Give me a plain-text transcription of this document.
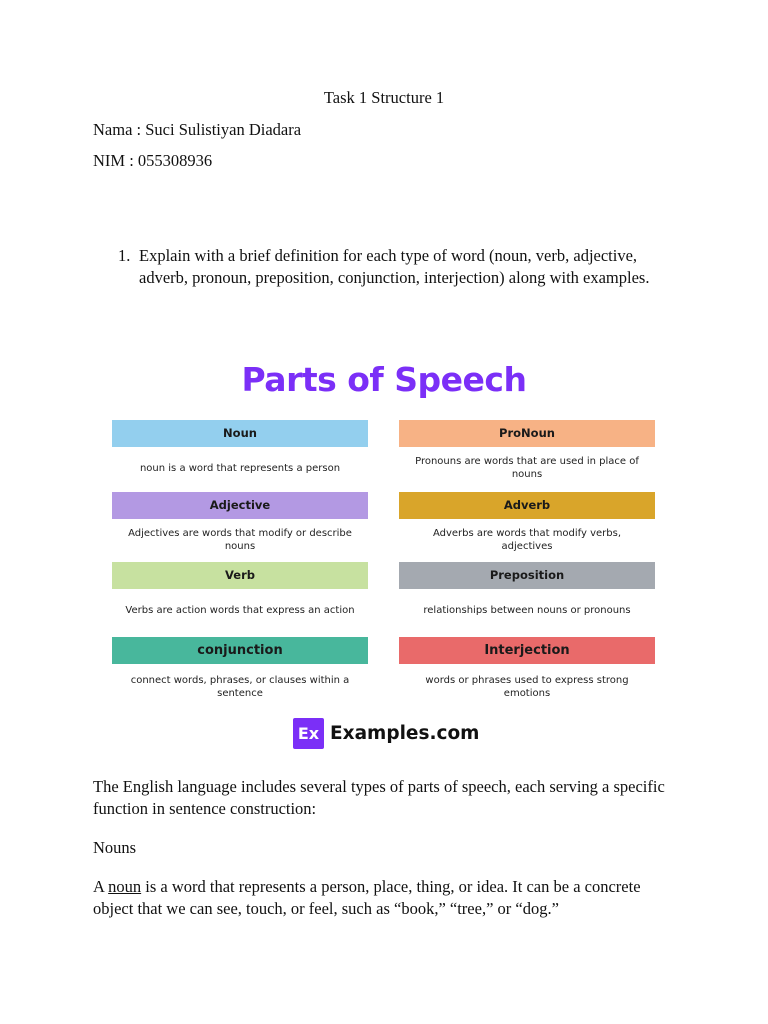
Task 1 Structure 1
Nama : Suci Sulistiyan Diadara
NIM : 055308936
1. Explain with a brief definition for each type of word (noun, verb, adjective, adverb, pronoun, preposition, conjunction, interjection) along with examples.
Parts of Speech
Noun
noun is a word that represents a person
ProNoun
Pronouns are words that are used in place of nouns
Adjective
Adjectives are words that modify or describe nouns
Adverb
Adverbs are words that modify verbs, adjectives
Verb
Verbs are action words that express an action
Preposition
relationships between nouns or pronouns
conjunction
connect words, phrases, or clauses within a sentence
Interjection
words or phrases used to express strong emotions
Ex Examples.com
The English language includes several types of parts of speech, each serving a specific function in sentence construction:
Nouns
A noun is a word that represents a person, place, thing, or idea. It can be a concrete object that we can see, touch, or feel, such as “book,” “tree,” or “dog.”
